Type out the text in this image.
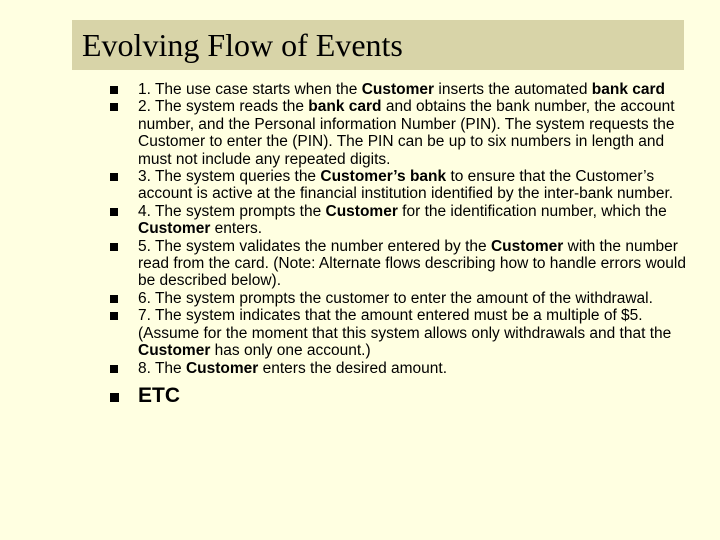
Evolving Flow of Events
1. The use case starts when the Customer inserts the automated bank card
2. The system reads the bank card and obtains the bank number, the account number, and the Personal information Number (PIN). The system requests the Customer to enter the (PIN). The PIN can be up to six numbers in length and must not include any repeated digits.
3. The system queries the Customer’s bank to ensure that the Customer’s account is active at the financial institution identified by the inter-bank number.
4. The system prompts the Customer for the identification number, which the Customer enters.
5. The system validates the number entered by the Customer with the number read from the card. (Note: Alternate flows describing how to handle errors would be described below).
6. The system prompts the customer to enter the amount of the withdrawal.
7. The system indicates that the amount entered must be a multiple of $5. (Assume for the moment that this system allows only withdrawals and that the Customer has only one account.)
8. The Customer enters the desired amount.
ETC
